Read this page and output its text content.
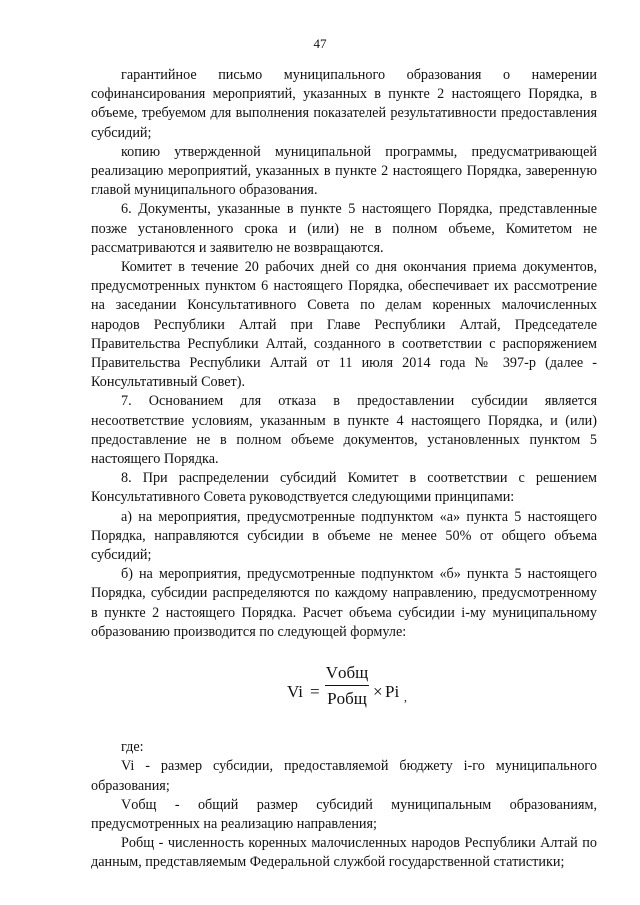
47

гарантийное письмо муниципального образования о намерении софинансирования мероприятий, указанных в пункте 2 настоящего Порядка, в объеме, требуемом для выполнения показателей результативности предоставления субсидий;

копию утвержденной муниципальной программы, предусматривающей реализацию мероприятий, указанных в пункте 2 настоящего Порядка, заверенную главой муниципального образования.

6. Документы, указанные в пункте 5 настоящего Порядка, представленные позже установленного срока и (или) не в полном объеме, Комитетом не рассматриваются и заявителю не возвращаются.

Комитет в течение 20 рабочих дней со дня окончания приема документов, предусмотренных пунктом 6 настоящего Порядка, обеспечивает их рассмотрение на заседании Консультативного Совета по делам коренных малочисленных народов Республики Алтай при Главе Республики Алтай, Председателе Правительства Республики Алтай, созданного в соответствии с распоряжением Правительства Республики Алтай от 11 июля 2014 года № 397-р (далее - Консультативный Совет).

7. Основанием для отказа в предоставлении субсидии является несоответствие условиям, указанным в пункте 4 настоящего Порядка, и (или) предоставление не в полном объеме документов, установленных пунктом 5 настоящего Порядка.

8. При распределении субсидий Комитет в соответствии с решением Консультативного Совета руководствуется следующими принципами:

а) на мероприятия, предусмотренные подпунктом «а» пункта 5 настоящего Порядка, направляются субсидии в объеме не менее 50% от общего объема субсидий;

б) на мероприятия, предусмотренные подпунктом «б» пункта 5 настоящего Порядка, субсидии распределяются по каждому направлению, предусмотренному в пункте 2 настоящего Порядка. Расчет объема субсидии i-му муниципальному образованию производится по следующей формуле:

Vi =
Vобщ
Pобщ × Pi ,

где:

Vi - размер субсидии, предоставляемой бюджету i-го муниципального образования;

Vобщ - общий размер субсидий муниципальным образованиям, предусмотренных на реализацию направления;

Pобщ - численность коренных малочисленных народов Республики Алтай по данным, представляемым Федеральной службой государственной статистики;
